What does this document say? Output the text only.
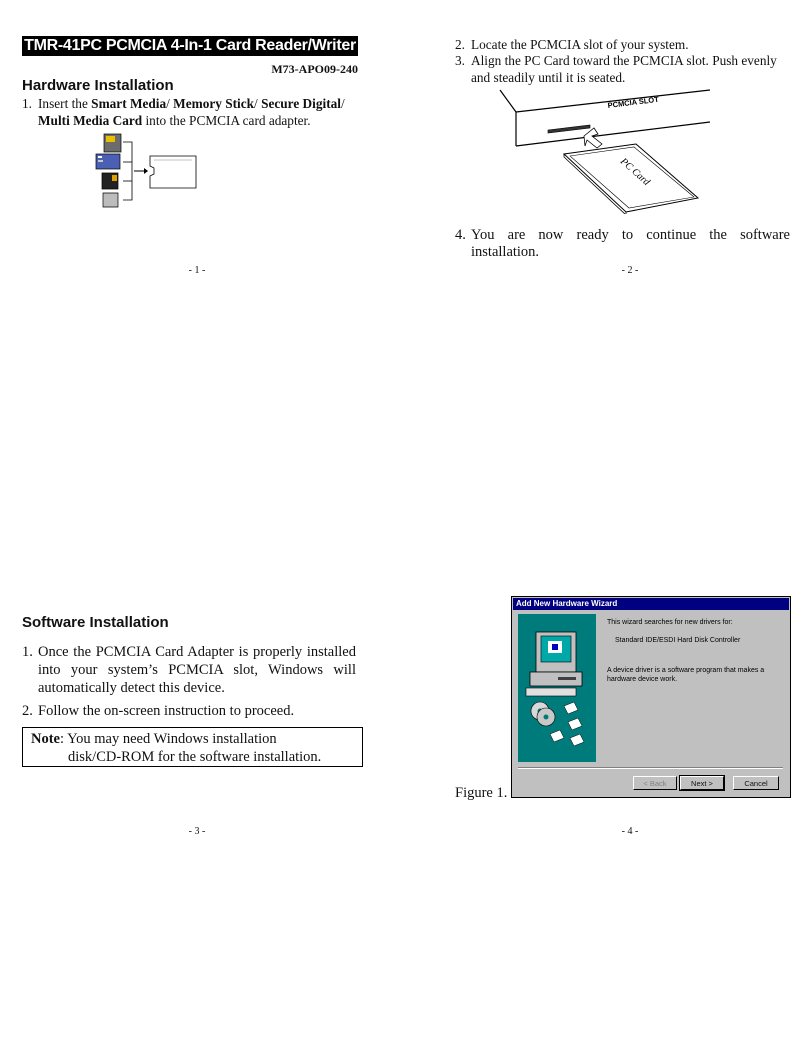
TMR-41PC PCMCIA 4-In-1 Card Reader/Writer
M73-APO09-240
Hardware Installation
1. Insert the Smart Media/ Memory Stick/ Secure Digital/ Multi Media Card into the PCMCIA card adapter.
- 1 -
2. Locate the PCMCIA slot of your system.
3. Align the PC Card toward the PCMCIA slot. Push evenly and steadily until it is seated.
PCMCIA SLOT
PC Card
4. You are now ready to continue the software installation.
- 2 -
Software Installation
1. Once the PCMCIA Card Adapter is properly installed into your system’s PCMCIA slot, Windows will automatically detect this device.
2. Follow the on-screen instruction to proceed.
Note: You may need Windows installation
disk/CD-ROM for the software installation.
- 3 -
Figure 1.
Add New Hardware Wizard
This wizard searches for new drivers for:
Standard IDE/ESDI Hard Disk Controller
A device driver is a software program that makes a hardware device work.
< Back	Next >	Cancel
- 4 -
